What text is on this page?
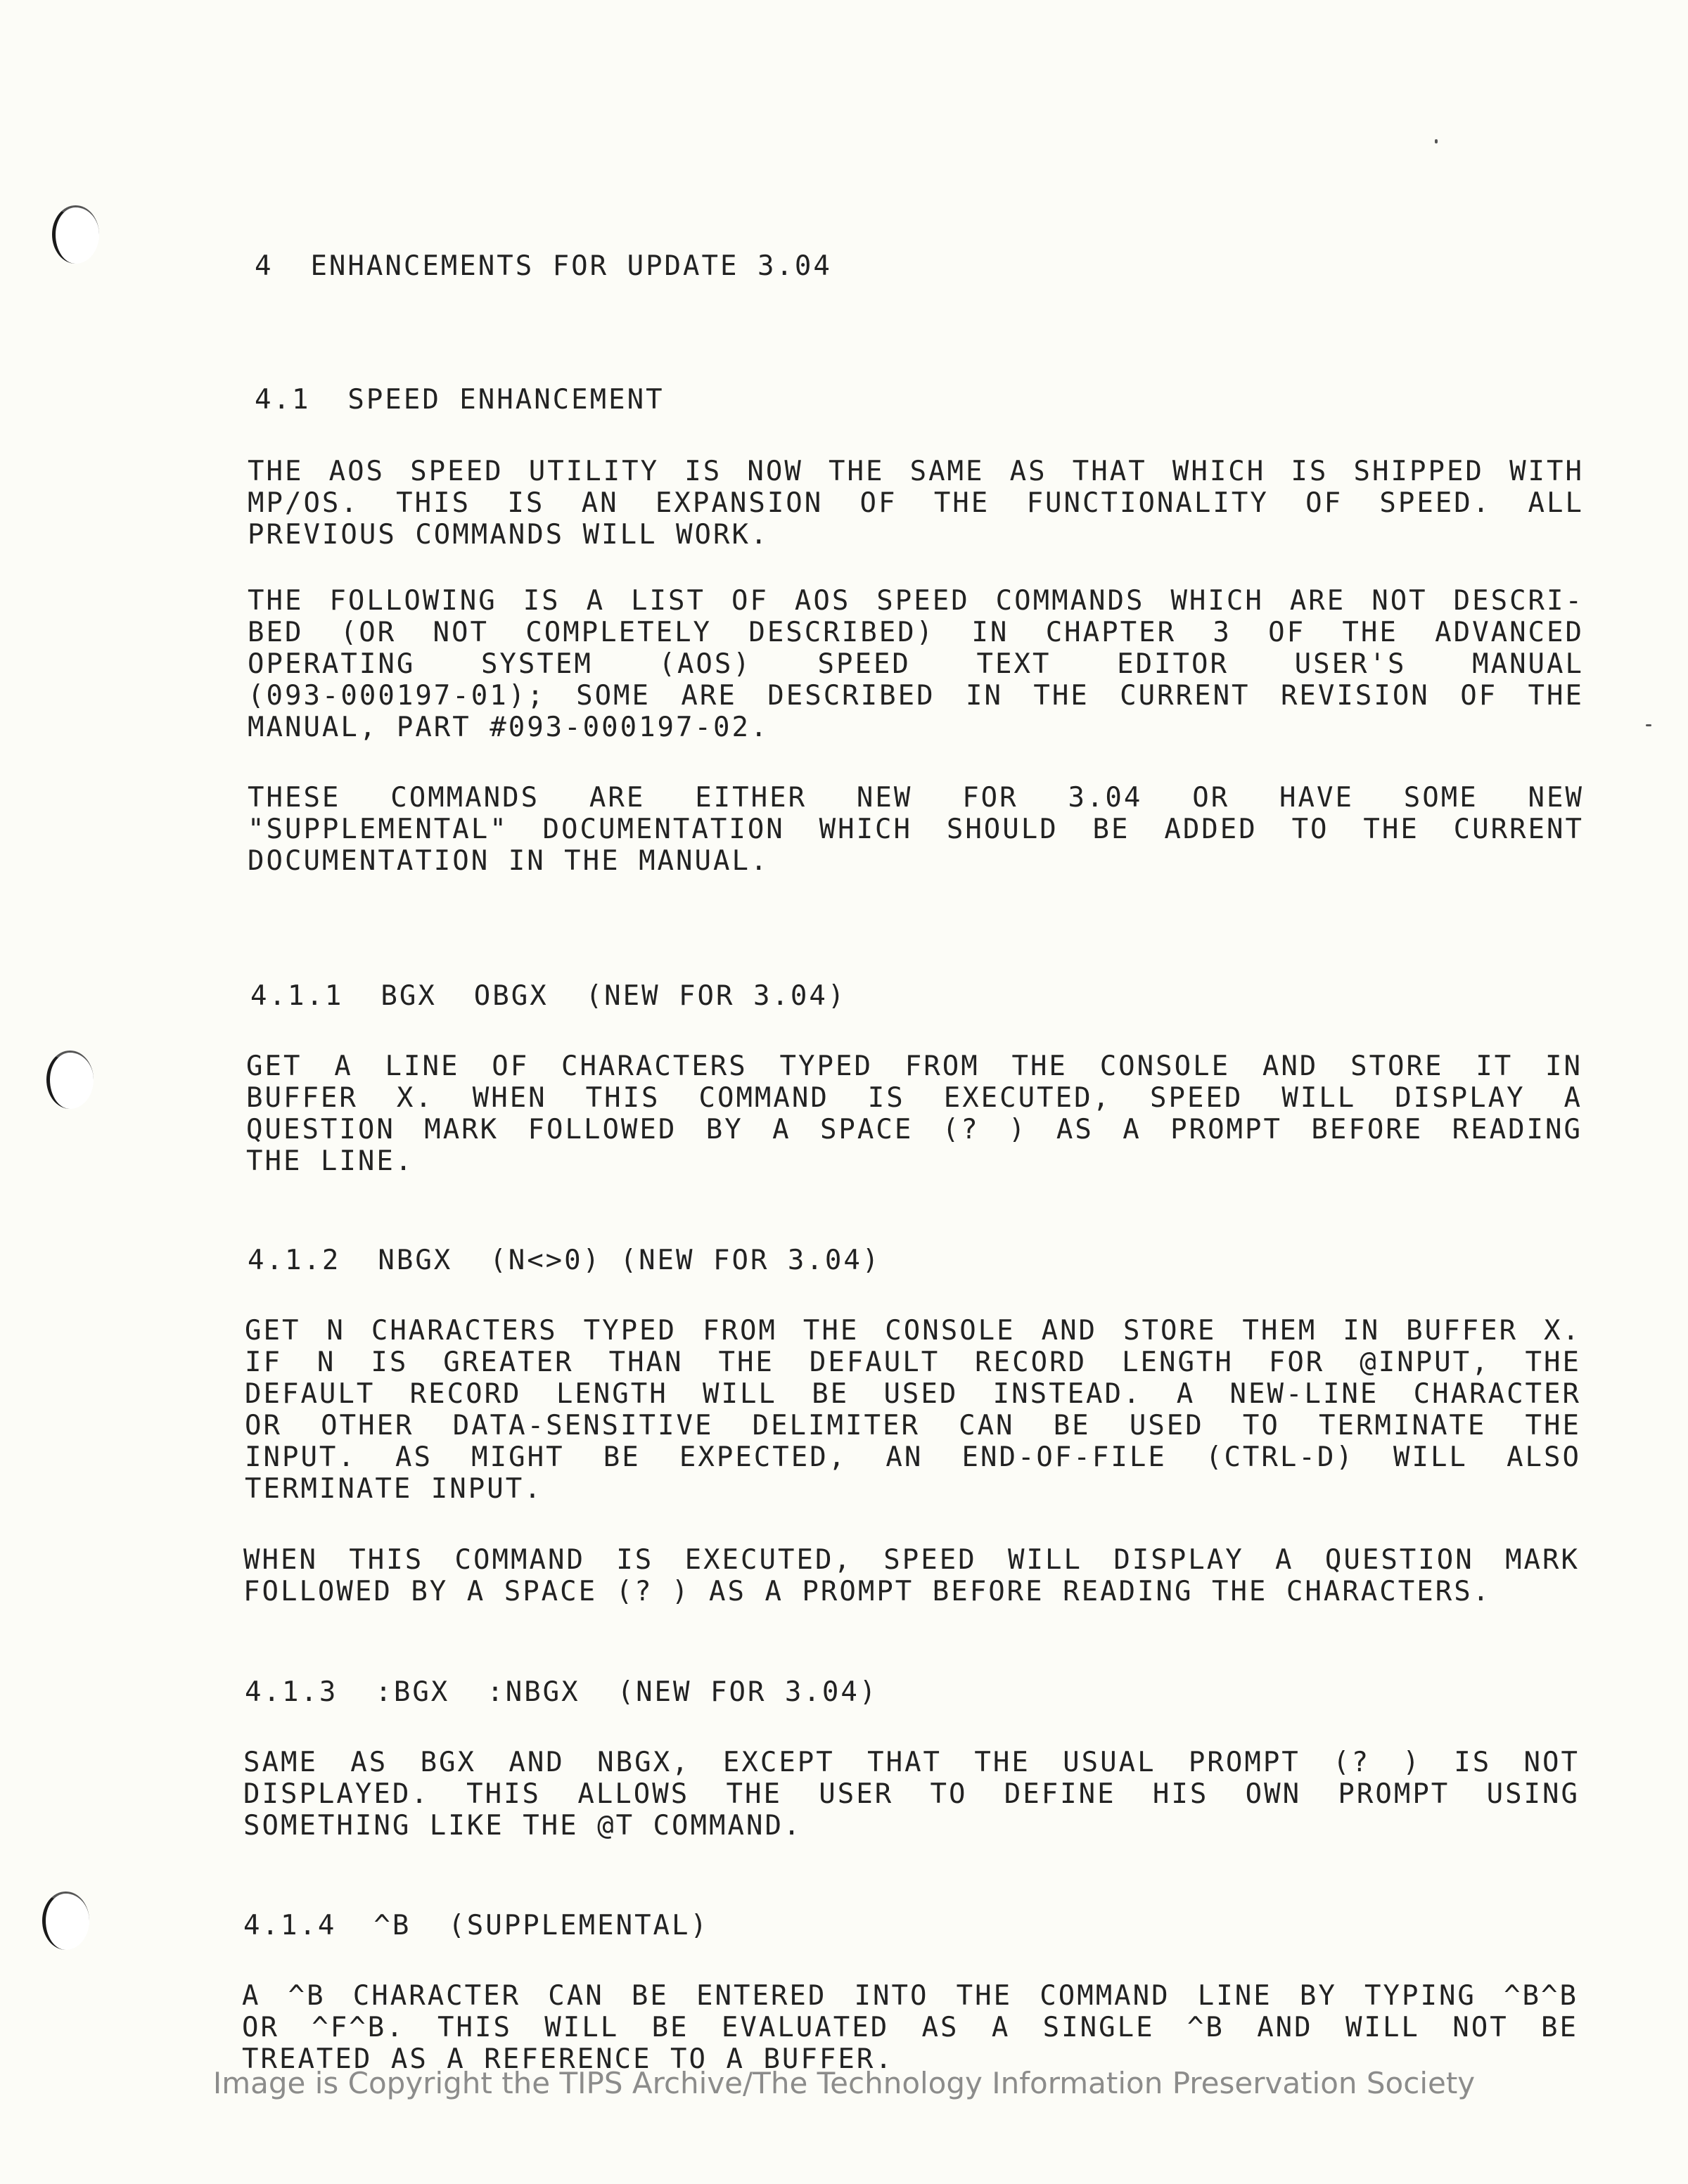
4  ENHANCEMENTS FOR UPDATE 3.04
4.1  SPEED ENHANCEMENT
THE AOS SPEED UTILITY IS NOW THE SAME AS THAT WHICH IS SHIPPED WITH
MP/OS. THIS IS AN EXPANSION OF THE FUNCTIONALITY OF SPEED. ALL
PREVIOUS COMMANDS WILL WORK.
THE FOLLOWING IS A LIST OF AOS SPEED COMMANDS WHICH ARE NOT DESCRI-
BED (OR NOT COMPLETELY DESCRIBED) IN CHAPTER 3 OF THE ADVANCED
OPERATING SYSTEM (AOS) SPEED TEXT EDITOR USER'S MANUAL
(093-000197-01); SOME ARE DESCRIBED IN THE CURRENT REVISION OF THE
MANUAL, PART #093-000197-02.
THESE COMMANDS ARE EITHER NEW FOR 3.04 OR HAVE SOME NEW
"SUPPLEMENTAL" DOCUMENTATION WHICH SHOULD BE ADDED TO THE CURRENT
DOCUMENTATION IN THE MANUAL.
4.1.1  BGX  OBGX  (NEW FOR 3.04)
GET A LINE OF CHARACTERS TYPED FROM THE CONSOLE AND STORE IT IN
BUFFER X. WHEN THIS COMMAND IS EXECUTED, SPEED WILL DISPLAY A
QUESTION MARK FOLLOWED BY A SPACE (? ) AS A PROMPT BEFORE READING
THE LINE.
4.1.2  NBGX  (N<>0) (NEW FOR 3.04)
GET N CHARACTERS TYPED FROM THE CONSOLE AND STORE THEM IN BUFFER X.
IF N IS GREATER THAN THE DEFAULT RECORD LENGTH FOR @INPUT, THE
DEFAULT RECORD LENGTH WILL BE USED INSTEAD. A NEW-LINE CHARACTER
OR OTHER DATA-SENSITIVE DELIMITER CAN BE USED TO TERMINATE THE
INPUT. AS MIGHT BE EXPECTED, AN END-OF-FILE (CTRL-D) WILL ALSO
TERMINATE INPUT.
WHEN THIS COMMAND IS EXECUTED, SPEED WILL DISPLAY A QUESTION MARK
FOLLOWED BY A SPACE (? ) AS A PROMPT BEFORE READING THE CHARACTERS.
4.1.3  :BGX  :NBGX  (NEW FOR 3.04)
SAME AS BGX AND NBGX, EXCEPT THAT THE USUAL PROMPT (? ) IS NOT
DISPLAYED. THIS ALLOWS THE USER TO DEFINE HIS OWN PROMPT USING
SOMETHING LIKE THE @T COMMAND.
4.1.4  ^B  (SUPPLEMENTAL)
A ^B CHARACTER CAN BE ENTERED INTO THE COMMAND LINE BY TYPING ^B^B
OR ^F^B. THIS WILL BE EVALUATED AS A SINGLE ^B AND WILL NOT BE
TREATED AS A REFERENCE TO A BUFFER.
Image is Copyright the TIPS Archive/The Technology Information Preservation Society
